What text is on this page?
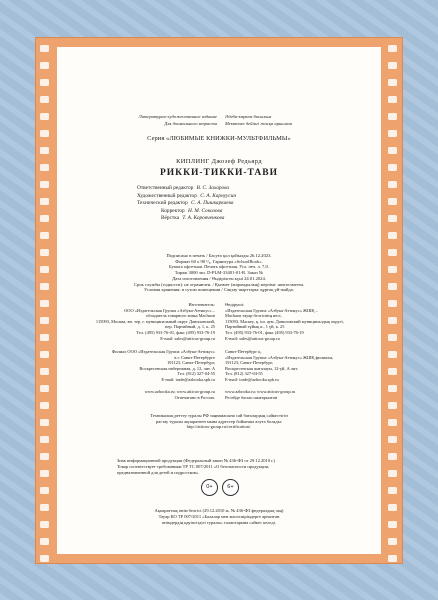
Литературно-художественное издание
Для дошкольного возраста
Әдеби-көркем басылым
Мектепке дейінгі жасқа арналған
Серия «ЛЮБИМЫЕ КНИЖКИ-МУЛЬТФИЛЬМЫ»
КИПЛИНГ Джозеф Редьярд
РИККИ-ТИККИ-ТАВИ
Ответственный редактор В. С. Захарова
Художественный редактор С. А. Карнуусин
Технический редактор С. А. Пишкаркаева
Корректор Н. М. Соколова
Вёрстка Т. А. Коровченкова
Подписано в печать / Басуға қол қойылды 26.12.2023.
Формат 60 х 90 ¹/₈. Гарнитура «SchoolBook».
Бумага офсетная. Печать офсетная. Усл. печ. л. 7,0.
Тираж 3000 экз. D-PLM-33401-01-R. Заказ №
Дата изготовления / Өндірілген күні 24.01.2024.
Срок службы (годности): не ограничен. / Қызмет (жарамдылық) мерзімі: шектелмеген.
Условия хранения: в сухом помещении / Сақтау шарттары: құрғақ үй-жайда.
Изготовитель:
ООО «Издательская Группа «Азбука-Аттикус» –
обладатель товарного знака Machaon
115093, Москва, вн. тер. г. муниципальный округ Даниловский,
пер. Партийный, д. 1, к. 25
Тел. (495) 933-76-01, факс (495) 933-76-19
E-mail: sales@atticus-group.ru
Өндіруші:
«Издательская Группа «Азбука-Аттикус» ЖШҚ –
Machaon тауар белгісінің иесі,
115093, Мәскеу, қ. іш. аум. Даниловский муниципалдық округі,
Партийный тұйық к., 1 үй, к. 25
Тел. (495) 933-76-01, факс (495) 933-76-19
E-mail: sales@atticus-group.ru
Филиал ООО «Издательская Группа «Азбука-Аттикус»
в г. Санкт-Петербурге
191123, Санкт-Петербург,
Воскресенская набережная, д. 12, лит. А
Тел. (812) 327-04-55
E-mail: trade@azbooka.spb.ru
Санкт-Петербург қ.
«Издательская Группа «Азбука-Аттикус» ЖШҚ филиалы,
191123, Санкт-Петербург,
Воскресенская жағалауы, 12-үй, А лит.
Тел. (812) 327-04-55
E-mail: trade@azbooka.spb.ru
www.azbooka.ru; www.atticus-group.ru
Отпечатано в России.
www.azbooka.ru; www.atticus-group.ru
Ресейде басып шығарылған
Техникалық реттеу туралы РФ заңнамасына сай бағалаудың сәйкестігін
растау туралы ақпаратпен мына адрестер бойынша алуға болады:
http://atticus-group.ru/certification/.
Знак информационной продукции (Федеральный закон № 436-ФЗ от 29.12.2010 г.)
Товар соответствует требованиям ТР ТС 007/2011 «О безопасности продукции,
предназначенной для детей и подростков».
0+	6+
Ақпараттық өнім белгісі (29.12.2010 ж. № 436-ФЗ федералдық заң)
Тауар КО ТР 007/2011 «Балалар мен жасөспірімдерге арналған
өнімдердің қауіпсіздігі туралы» талаптарына сәйкес келеді.
